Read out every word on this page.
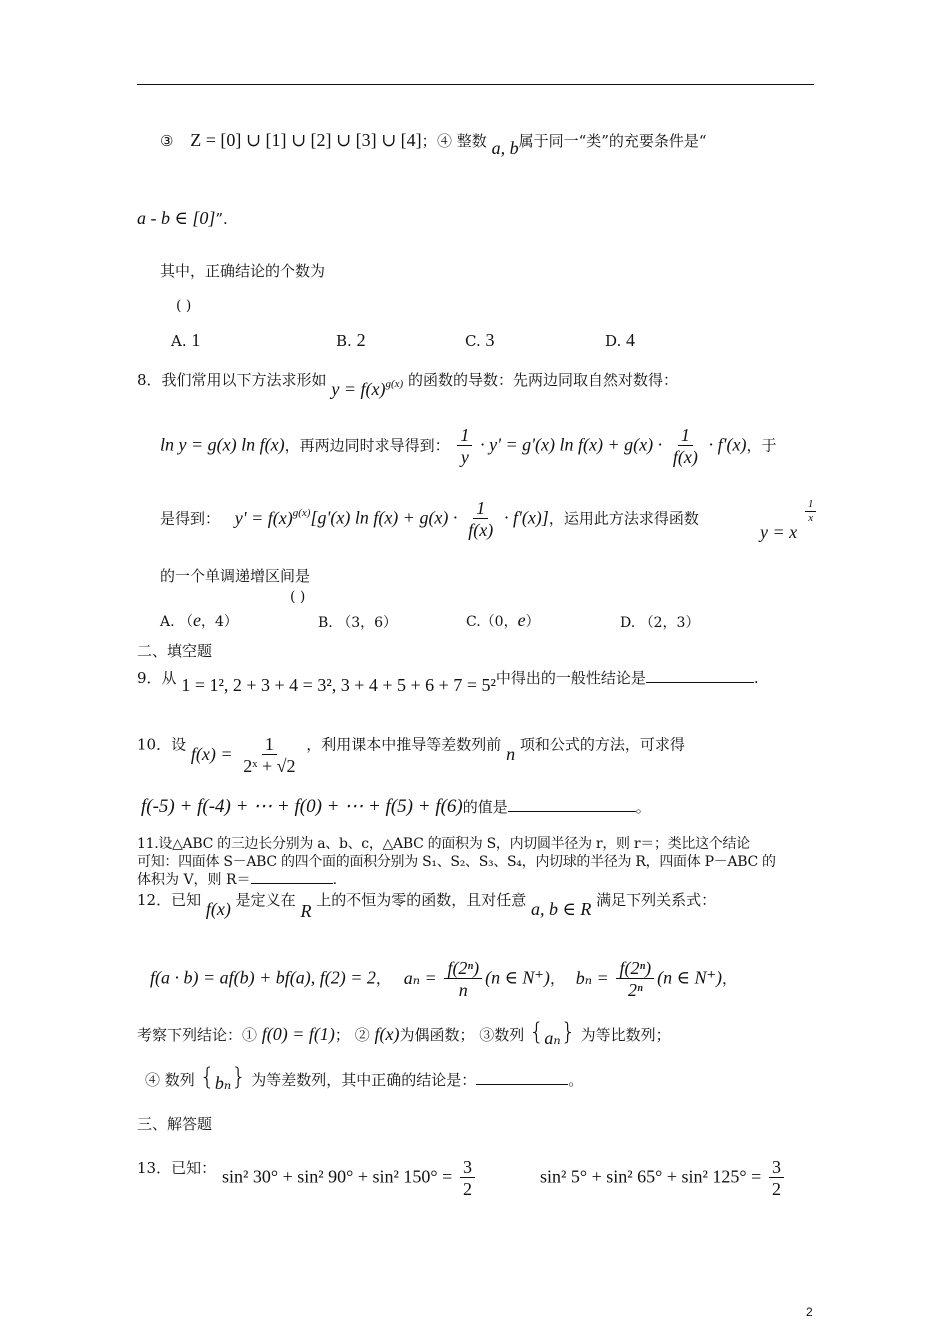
③ Z = [0] ∪ [1] ∪ [2] ∪ [3] ∪ [4]； ④ 整数 a, b属于同一“类”的充要条件是“
a - b ∈ [0]”.
其中，正确结论的个数为
( )
A. 1	B. 2	C. 3	D. 4
8．我们常用以下方法求形如 $y = f(x)^{g(x)}$ 的函数的导数：先两边同取自然对数得：
ln y = g(x) ln f(x)，再两边同时求导得到： $\frac{1}{y} \cdot y' = g'(x)$ $\ln f(x) + g(x) \cdot \frac{1}{f(x)} \cdot f'(x)$，于
是得到： $y' = f(x)^{g(x)}[g'(x)$ $\ln f(x) + g(x) \cdot \frac{1}{f(x)} \cdot f'(x)$]，运用此方法求得函数
y = x
$\frac{1}{x}$
的一个单调递增区间是
( )
A. （e，4）	B. （3，6）	C.（0，e）	D. （2，3）
二、填空题
9．从 1 = 1², 2 + 3 + 4 = 3², 3 + 4 + 5 + 6 + 7 = 5²中得出的一般性结论是	.
10．设 $f(x) = \frac{1}{\text{2ˣ + √2}}$ ，利用课本中推导等差数列前 n 项和公式的方法，可求得
f(-5) + f(-4) + ⋯ + f(0) + ⋯ + f(5) + f(6)的值是	。
11.设△ABC 的三边长分别为 a、b、c，△ABC 的面积为 S，内切圆半径为 r，则 r＝；类比这个结论
可知：四面体 S－ABC 的四个面的面积分别为 S₁、S₂、S₃、S₄，内切球的半径为 R，四面体 P－ABC 的
体积为 V，则 R＝	.
12．已知 f(x) 是定义在 R 上的不恒为零的函数，且对任意 a, b ∈ R 满足下列关系式：
f(a · b) = af(b) + bf(a), f(2) = 2， $a_n = \frac{\text{f(2ⁿ)}}{n} (n$ ∈ N⁺)， $b_n = \frac{\text{f(2ⁿ)}}{\text{2ⁿ}} (n$ ∈ N⁺)，
考察下列结论：① f(0) = f(1)； ② f(x)为偶函数； ③数列 {aₙ} 为等比数列；
④ 数列 {bₙ} 为等差数列，其中正确的结论是：	。
三、解答题
13．已知： sin² 30° + sin² 90° + sin² $150^\circ = \frac{3}{2}$	sin² 5° + sin² 65° + sin² $125^\circ = \frac{3}{2}$
2
